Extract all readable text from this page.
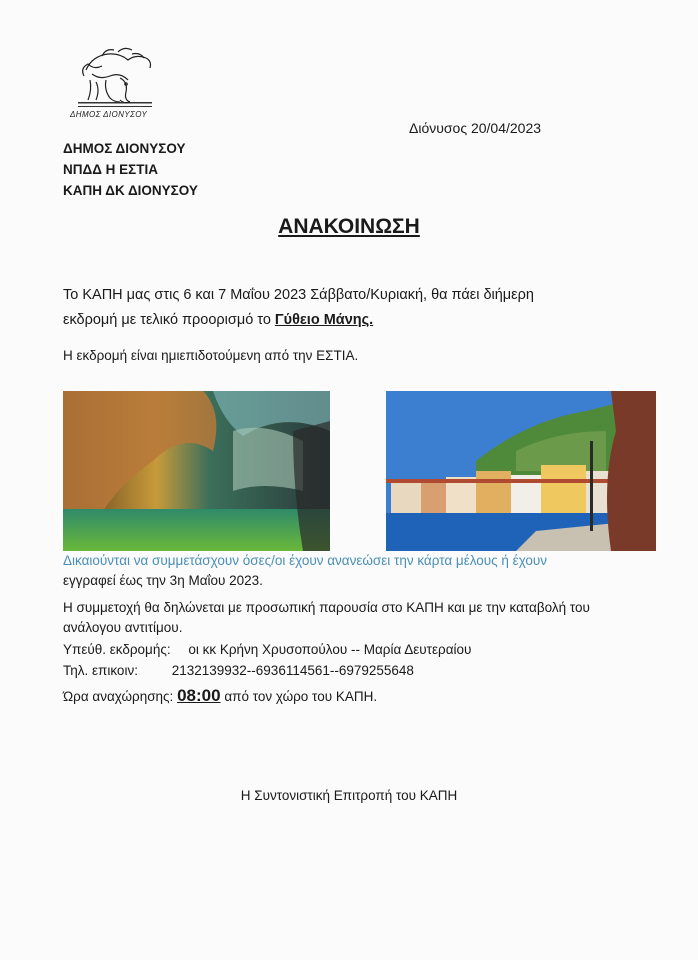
ΔΗΜΟΣ ΔΙΟΝΥΣΟΥ
Διόνυσος 20/04/2023
ΔΗΜΟΣ ΔΙΟΝΥΣΟΥ
ΝΠΔΔ Η ΕΣΤΙΑ
ΚΑΠΗ ΔΚ ΔΙΟΝΥΣΟΥ
ΑΝΑΚΟΙΝΩΣΗ
Το ΚΑΠΗ μας στις 6 και 7 Μαΐου 2023 Σάββατο/Κυριακή, θα πάει διήμερη
εκδρομή με τελικό προορισμό το Γύθειο Μάνης.
Η εκδρομή είναι ημιεπιδοτούμενη από την ΕΣΤΙΑ.
Δικαιούνται να συμμετάσχουν όσες/οι έχουν ανανεώσει την κάρτα μέλους ή έχουν
εγγραφεί έως την 3η Μαΐου 2023.
Η συμμετοχή θα δηλώνεται με προσωπική παρουσία στο ΚΑΠΗ και με την καταβολή του
ανάλογου αντιτίμου.
Υπεύθ. εκδρομής: οι κκ Κρήνη Χρυσοπούλου -- Μαρία Δευτεραίου
Τηλ. επικοιν:	2132139932--6936114561--6979255648
Ώρα αναχώρησης: 08:00 από τον χώρο του ΚΑΠΗ.
Η Συντονιστική Επιτροπή του ΚΑΠΗ
